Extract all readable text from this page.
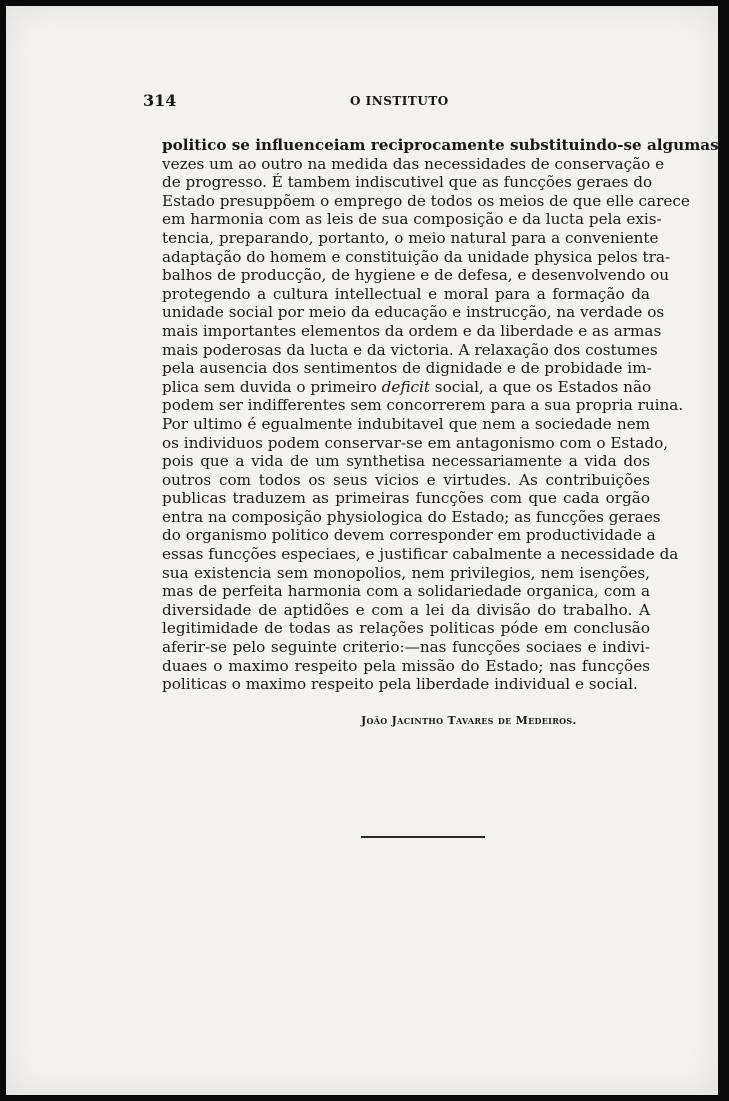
314	O INSTITUTO
politico se influenceiam reciprocamente substituindo-se algumas
vezes um ao outro na medida das necessidades de conservação e
de progresso. É tambem indiscutivel que as funcções geraes do
Estado presuppõem o emprego de todos os meios de que elle carece
em harmonia com as leis de sua composição e da lucta pela exis-
tencia, preparando, portanto, o meio natural para a conveniente
adaptação do homem e constituição da unidade physica pelos tra-
balhos de producção, de hygiene e de defesa, e desenvolvendo ou
protegendo a cultura intellectual e moral para a formação da
unidade social por meio da educação e instrucção, na verdade os
mais importantes elementos da ordem e da liberdade e as armas
mais poderosas da lucta e da victoria. A relaxação dos costumes
pela ausencia dos sentimentos de dignidade e de probidade im-
plica sem duvida o primeiro deficit social, a que os Estados não
podem ser indifferentes sem concorrerem para a sua propria ruina.
Por ultimo é egualmente indubitavel que nem a sociedade nem
os individuos podem conservar-se em antagonismo com o Estado,
pois que a vida de um synthetisa necessariamente a vida dos
outros com todos os seus vicios e virtudes. As contribuições
publicas traduzem as primeiras funcções com que cada orgão
entra na composição physiologica do Estado; as funcções geraes
do organismo politico devem corresponder em productividade a
essas funcções especiaes, e justificar cabalmente a necessidade da
sua existencia sem monopolios, nem privilegios, nem isenções,
mas de perfeita harmonia com a solidariedade organica, com a
diversidade de aptidões e com a lei da divisão do trabalho. A
legitimidade de todas as relações politicas póde em conclusão
aferir-se pelo seguinte criterio:—nas funcções sociaes e indivi-
duaes o maximo respeito pela missão do Estado; nas funcções
politicas o maximo respeito pela liberdade individual e social.
João Jacintho Tavares de Medeiros.
